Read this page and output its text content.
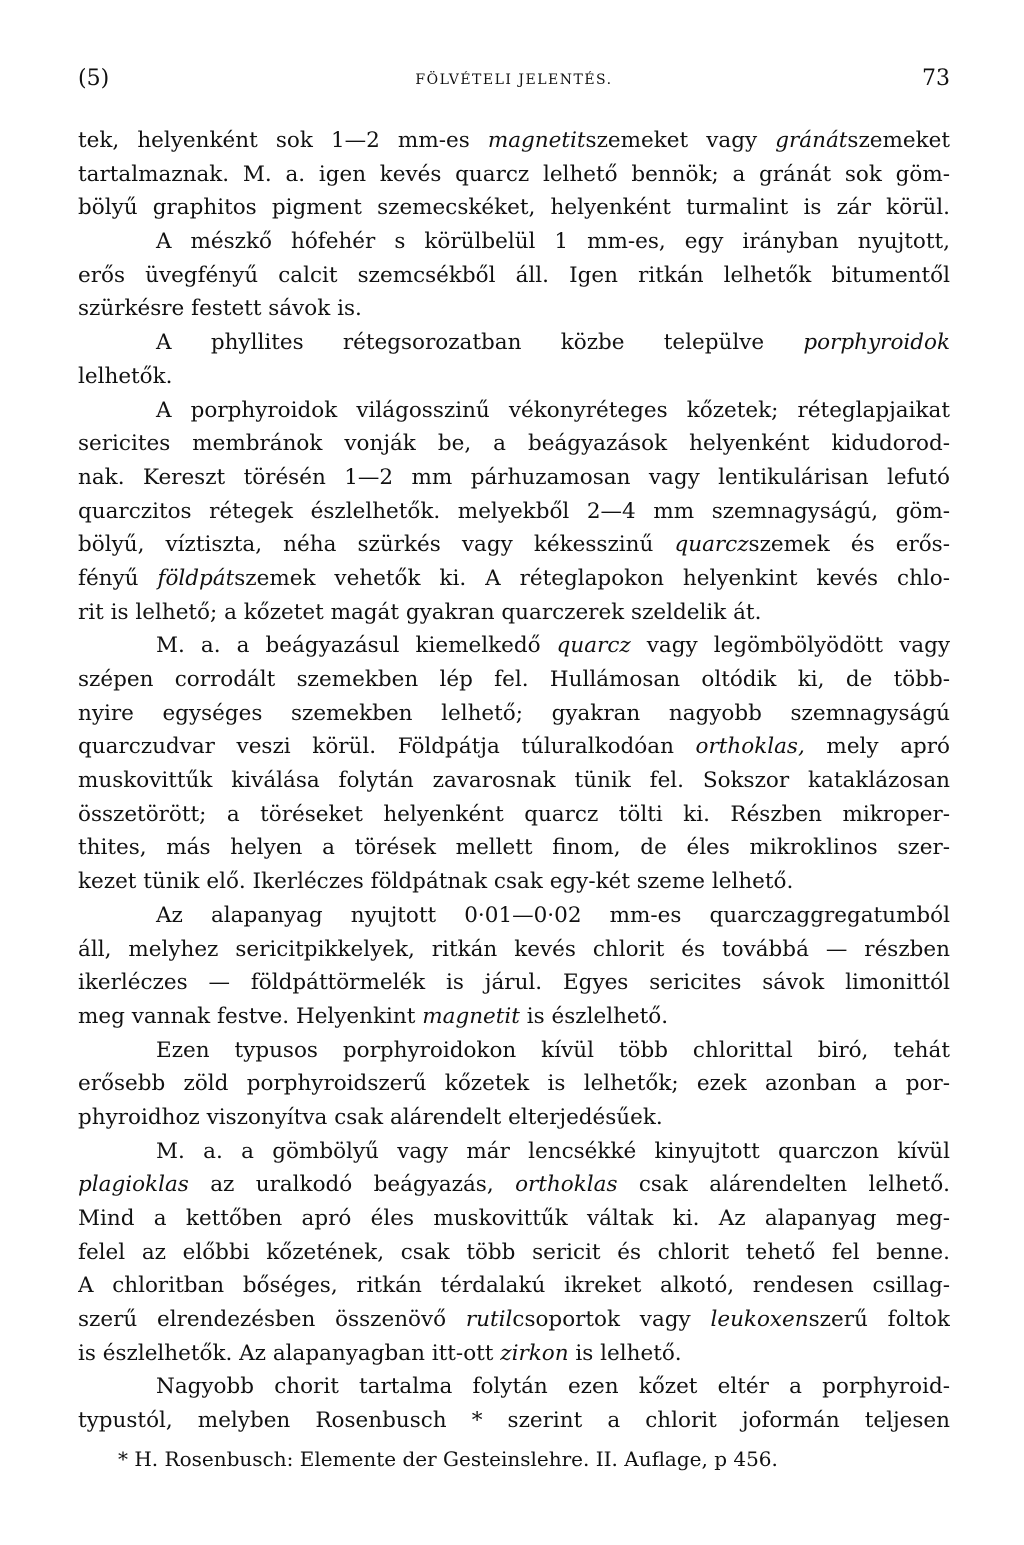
(5)	FÖLVÉTELI JELENTÉS.	73
tek, helyenként sok 1—2 mm-es magnetitszemeket vagy gránátszemeket
tartalmaznak. M. a. igen kevés quarcz lelhető bennök; a gránát sok göm-
bölyű graphitos pigment szemecskéket, helyenként turmalint is zár körül.
A mészkő hófehér s körülbelül 1 mm-es, egy irányban nyujtott,
erős üvegfényű calcit szemcsékből áll. Igen ritkán lelhetők bitumentől
szürkésre festett sávok is.
A phyllites rétegsorozatban közbe települve porphyroidok
lelhetők.
A porphyroidok világosszinű vékonyréteges kőzetek; réteglapjaikat
sericites membránok vonják be, a beágyazások helyenként kidudorod-
nak. Kereszt törésén 1—2 mm párhuzamosan vagy lentikulárisan lefutó
quarczitos rétegek észlelhetők. melyekből 2—4 mm szemnagyságú, göm-
bölyű, víztiszta, néha szürkés vagy kékesszinű quarczszemek és erős-
fényű földpátszemek vehetők ki. A réteglapokon helyenkint kevés chlo-
rit is lelhető; a kőzetet magát gyakran quarczerek szeldelik át.
M. a. a beágyazásul kiemelkedő quarcz vagy legömbölyödött vagy
szépen corrodált szemekben lép fel. Hullámosan oltódik ki, de több-
nyire egységes szemekben lelhető; gyakran nagyobb szemnagyságú
quarczudvar veszi körül. Földpátja túluralkodóan orthoklas, mely apró
muskovittűk kiválása folytán zavarosnak tünik fel. Sokszor kataklázosan
összetörött; a töréseket helyenként quarcz tölti ki. Részben mikroper-
thites, más helyen a törések mellett finom, de éles mikroklinos szer-
kezet tünik elő. Ikerléczes földpátnak csak egy-két szeme lelhető.
Az alapanyag nyujtott 0·01—0·02 mm-es quarczaggregatumból
áll, melyhez sericitpikkelyek, ritkán kevés chlorit és továbbá — részben
ikerléczes — földpáttörmelék is járul. Egyes sericites sávok limonittól
meg vannak festve. Helyenkint magnetit is észlelhető.
Ezen typusos porphyroidokon kívül több chlorittal biró, tehát
erősebb zöld porphyroidszerű kőzetek is lelhetők; ezek azonban a por-
phyroidhoz viszonyítva csak alárendelt elterjedésűek.
M. a. a gömbölyű vagy már lencsékké kinyujtott quarczon kívül
plagioklas az uralkodó beágyazás, orthoklas csak alárendelten lelhető.
Mind a kettőben apró éles muskovittűk váltak ki. Az alapanyag meg-
felel az előbbi kőzetének, csak több sericit és chlorit tehető fel benne.
A chloritban bőséges, ritkán térdalakú ikreket alkotó, rendesen csillag-
szerű elrendezésben összenövő rutilcsoportok vagy leukoxenszerű foltok
is észlelhetők. Az alapanyagban itt-ott zirkon is lelhető.
Nagyobb chorit tartalma folytán ezen kőzet eltér a porphyroid-
typustól, melyben Rosenbusch * szerint a chlorit joformán teljesen
* H. Rosenbusch: Elemente der Gesteinslehre. II. Auflage, p 456.
